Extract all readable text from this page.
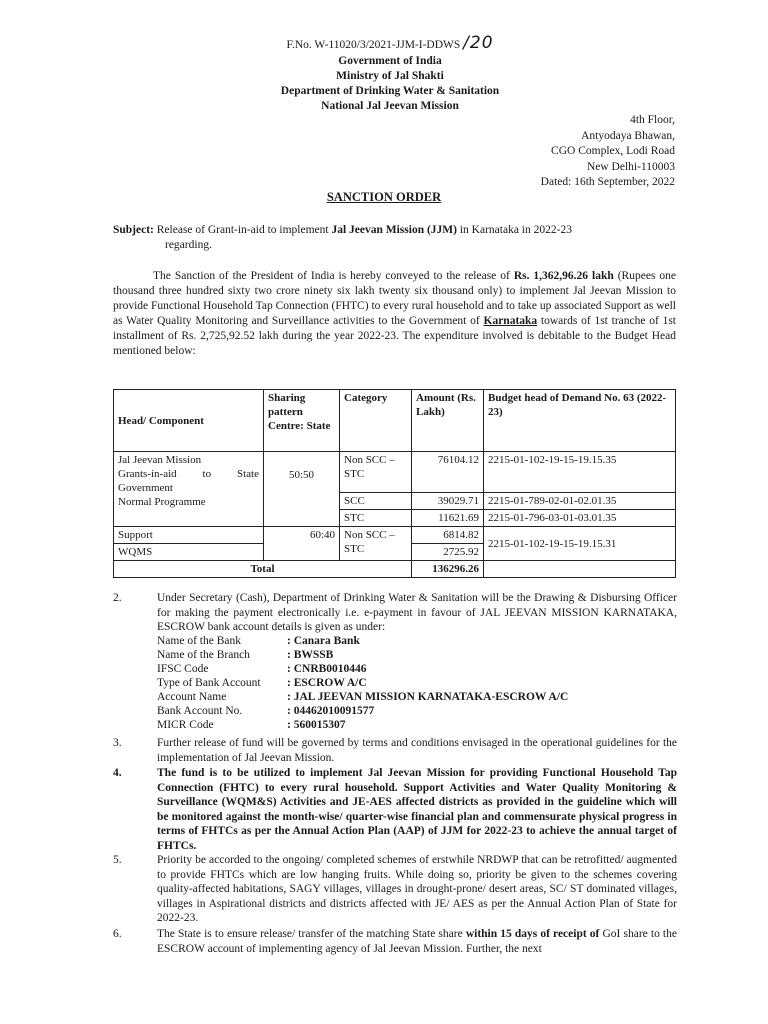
F.No. W-11020/3/2021-JJM-I-DDWS /20
Government of India
Ministry of Jal Shakti
Department of Drinking Water & Sanitation
National Jal Jeevan Mission
4th Floor,
Antyodaya Bhawan,
CGO Complex, Lodi Road
New Delhi-110003
Dated: 16th September, 2022
SANCTION ORDER
Subject: Release of Grant-in-aid to implement Jal Jeevan Mission (JJM) in Karnataka in 2022-23
regarding.
The Sanction of the President of India is hereby conveyed to the release of Rs. 1,362,96.26 lakh (Rupees one thousand three hundred sixty two crore ninety six lakh twenty six thousand only) to implement Jal Jeevan Mission to provide Functional Household Tap Connection (FHTC) to every rural household and to take up associated Support as well as Water Quality Monitoring and Surveillance activities to the Government of Karnataka towards of 1st tranche of 1st installment of Rs. 2,725,92.52 lakh during the year 2022-23. The expenditure involved is debitable to the Budget Head mentioned below:
Head/ Component	Sharing pattern Centre: State	Category	Amount (Rs. Lakh)	Budget head of Demand No. 63 (2022-23)

Jal Jeevan Mission
Grants-in-aid to State
Government
Normal Programme	50:50	Non SCC – STC	76104.12	2215-01-102-19-15-19.15.35
		SCC	39029.71	2215-01-789-02-01-02.01.35
		STC	11621.69	2215-01-796-03-01-03.01.35
Support	60:40	Non SCC – STC	6814.82	2215-01-102-19-15-19.15.31
WQMS			2725.92	
Total			136296.26	
2.	Under Secretary (Cash), Department of Drinking Water & Sanitation will be the Drawing & Disbursing Officer for making the payment electronically i.e. e-payment in favour of JAL JEEVAN MISSION KARNATAKA, ESCROW bank account details is given as under:
Name of the Bank	: Canara Bank
Name of the Branch	: BWSSB
IFSC Code	: CNRB0010446
Type of Bank Account : ESCROW A/C
Account Name	: JAL JEEVAN MISSION KARNATAKA-ESCROW A/C
Bank Account No.	: 04462010091577
MICR Code	: 560015307
3.	Further release of fund will be governed by terms and conditions envisaged in the operational guidelines for the implementation of Jal Jeevan Mission.
4.	The fund is to be utilized to implement Jal Jeevan Mission for providing Functional Household Tap Connection (FHTC) to every rural household. Support Activities and Water Quality Monitoring & Surveillance (WQM&S) Activities and JE-AES affected districts as provided in the guideline which will be monitored against the month-wise/ quarter-wise financial plan and commensurate physical progress in terms of FHTCs as per the Annual Action Plan (AAP) of JJM for 2022-23 to achieve the annual target of FHTCs.
5.	Priority be accorded to the ongoing/ completed schemes of erstwhile NRDWP that can be retrofitted/ augmented to provide FHTCs which are low hanging fruits. While doing so, priority be given to the schemes covering quality-affected habitations, SAGY villages, villages in drought-prone/ desert areas, SC/ ST dominated villages, villages in Aspirational districts and districts affected with JE/ AES as per the Annual Action Plan of State for 2022-23.
6.	The State is to ensure release/ transfer of the matching State share within 15 days of receipt of GoI share to the ESCROW account of implementing agency of Jal Jeevan Mission. Further, the next
